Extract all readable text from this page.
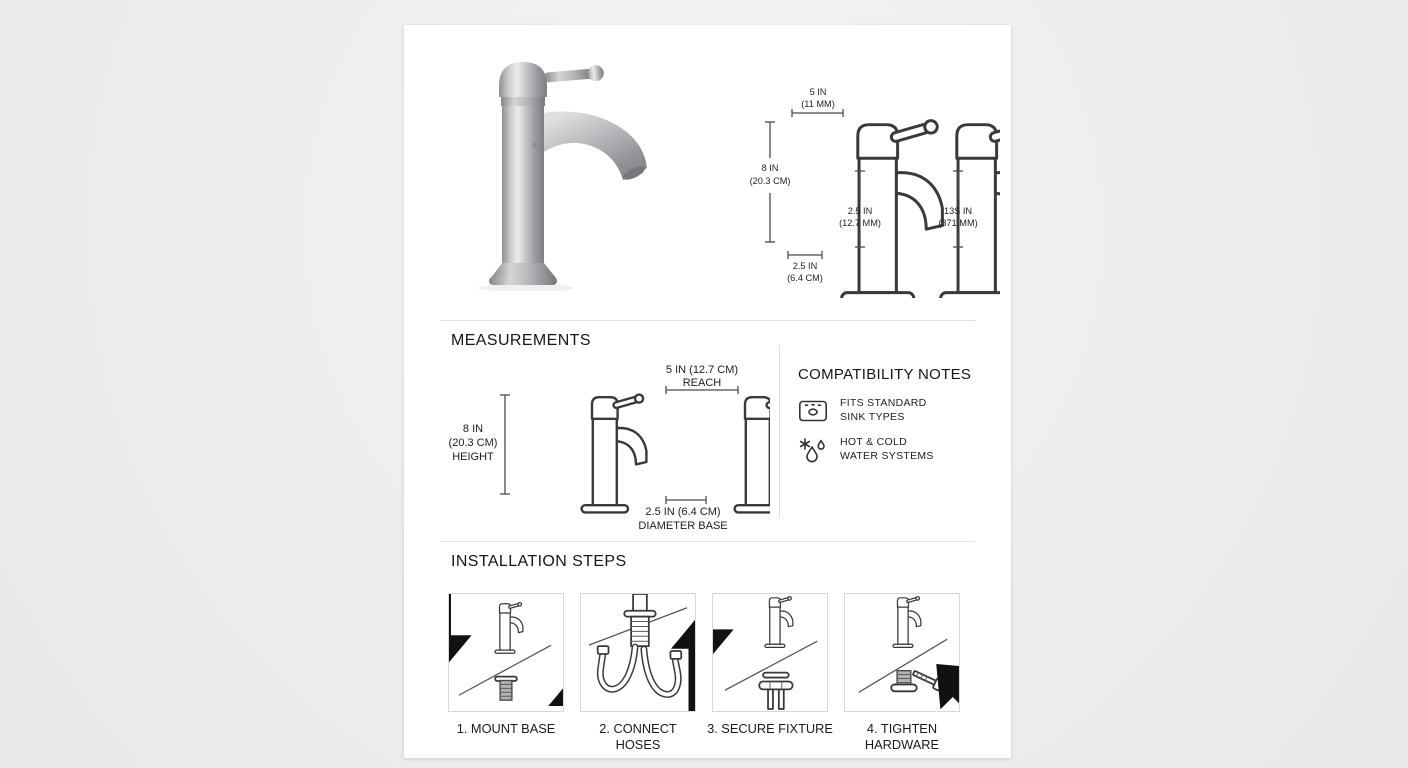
5 IN
(11 MM)
8 IN
(20.3 CM)
2.5 IN
(12.7 MM)
2.5 IN
(6.4 CM)
13S IN
(371 MM)
MEASUREMENTS
8 IN
(20.3 CM)
HEIGHT
5 IN (12.7 CM)
REACH
2.5 IN (6.4 CM)
DIAMETER BASE
COMPATIBILITY NOTES
FITS STANDARD
SINK TYPES
HOT & COLD
WATER SYSTEMS
INSTALLATION STEPS
1. MOUNT BASE	2. CONNECT
HOSES
3. SECURE FIXTURE	4. TIGHTEN
HARDWARE
